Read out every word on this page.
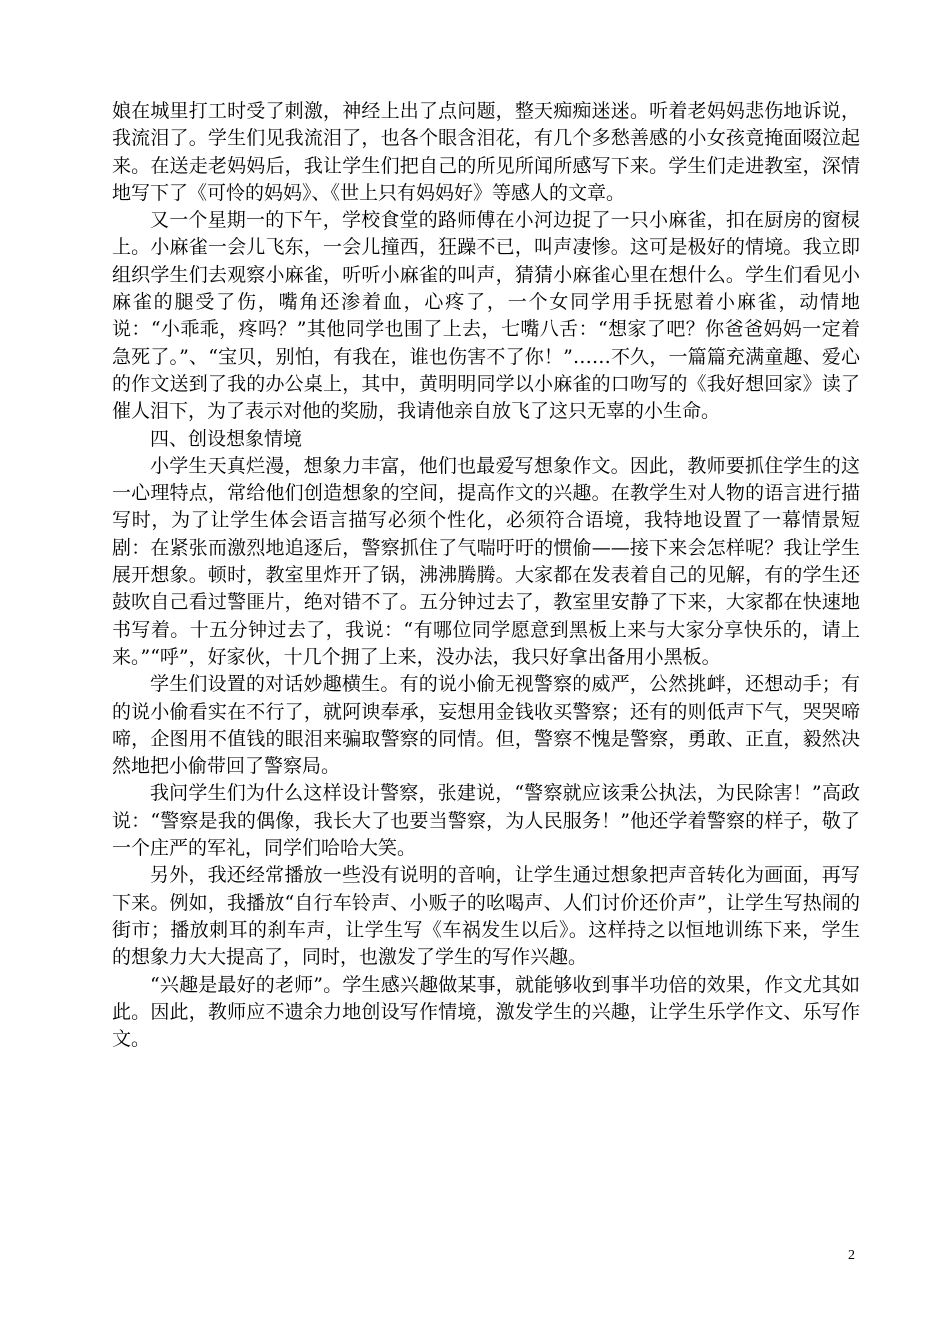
娘在城里打工时受了刺激，神经上出了点问题，整天痴痴迷迷。听着老妈妈悲伤地诉说，我流泪了。学生们见我流泪了，也各个眼含泪花，有几个多愁善感的小女孩竟掩面啜泣起来。在送走老妈妈后，我让学生们把自己的所见所闻所感写下来。学生们走进教室，深情地写下了《可怜的妈妈》、《世上只有妈妈好》等感人的文章。

又一个星期一的下午，学校食堂的路师傅在小河边捉了一只小麻雀，扣在厨房的窗棂上。小麻雀一会儿飞东，一会儿撞西，狂躁不已，叫声凄惨。这可是极好的情境。我立即组织学生们去观察小麻雀，听听小麻雀的叫声，猜猜小麻雀心里在想什么。学生们看见小麻雀的腿受了伤，嘴角还渗着血，心疼了，一个女同学用手抚慰着小麻雀，动情地说：“小乖乖，疼吗？”其他同学也围了上去，七嘴八舌：“想家了吧？你爸爸妈妈一定着急死了。”、“宝贝，别怕，有我在，谁也伤害不了你！”……不久，一篇篇充满童趣、爱心的作文送到了我的办公桌上，其中，黄明明同学以小麻雀的口吻写的《我好想回家》读了催人泪下，为了表示对他的奖励，我请他亲自放飞了这只无辜的小生命。

四、创设想象情境

小学生天真烂漫，想象力丰富，他们也最爱写想象作文。因此，教师要抓住学生的这一心理特点，常给他们创造想象的空间，提高作文的兴趣。在教学生对人物的语言进行描写时，为了让学生体会语言描写必须个性化，必须符合语境，我特地设置了一幕情景短剧：在紧张而激烈地追逐后，警察抓住了气喘吁吁的惯偷——接下来会怎样呢？我让学生展开想象。顿时，教室里炸开了锅，沸沸腾腾。大家都在发表着自己的见解，有的学生还鼓吹自己看过警匪片，绝对错不了。五分钟过去了，教室里安静了下来，大家都在快速地书写着。十五分钟过去了，我说：“有哪位同学愿意到黑板上来与大家分享快乐的，请上来。”“呼”，好家伙，十几个拥了上来，没办法，我只好拿出备用小黑板。

学生们设置的对话妙趣横生。有的说小偷无视警察的威严，公然挑衅，还想动手；有的说小偷看实在不行了，就阿谀奉承，妄想用金钱收买警察；还有的则低声下气，哭哭啼啼，企图用不值钱的眼泪来骗取警察的同情。但，警察不愧是警察，勇敢、正直，毅然决然地把小偷带回了警察局。

我问学生们为什么这样设计警察，张建说，“警察就应该秉公执法，为民除害！”高政说：“警察是我的偶像，我长大了也要当警察，为人民服务！”他还学着警察的样子，敬了一个庄严的军礼，同学们哈哈大笑。

另外，我还经常播放一些没有说明的音响，让学生通过想象把声音转化为画面，再写下来。例如，我播放“自行车铃声、小贩子的吆喝声、人们讨价还价声”，让学生写热闹的街市；播放刺耳的刹车声，让学生写《车祸发生以后》。这样持之以恒地训练下来，学生的想象力大大提高了，同时，也激发了学生的写作兴趣。

“兴趣是最好的老师”。学生感兴趣做某事，就能够收到事半功倍的效果，作文尤其如此。因此，教师应不遗余力地创设写作情境，激发学生的兴趣，让学生乐学作文、乐写作文。

2
